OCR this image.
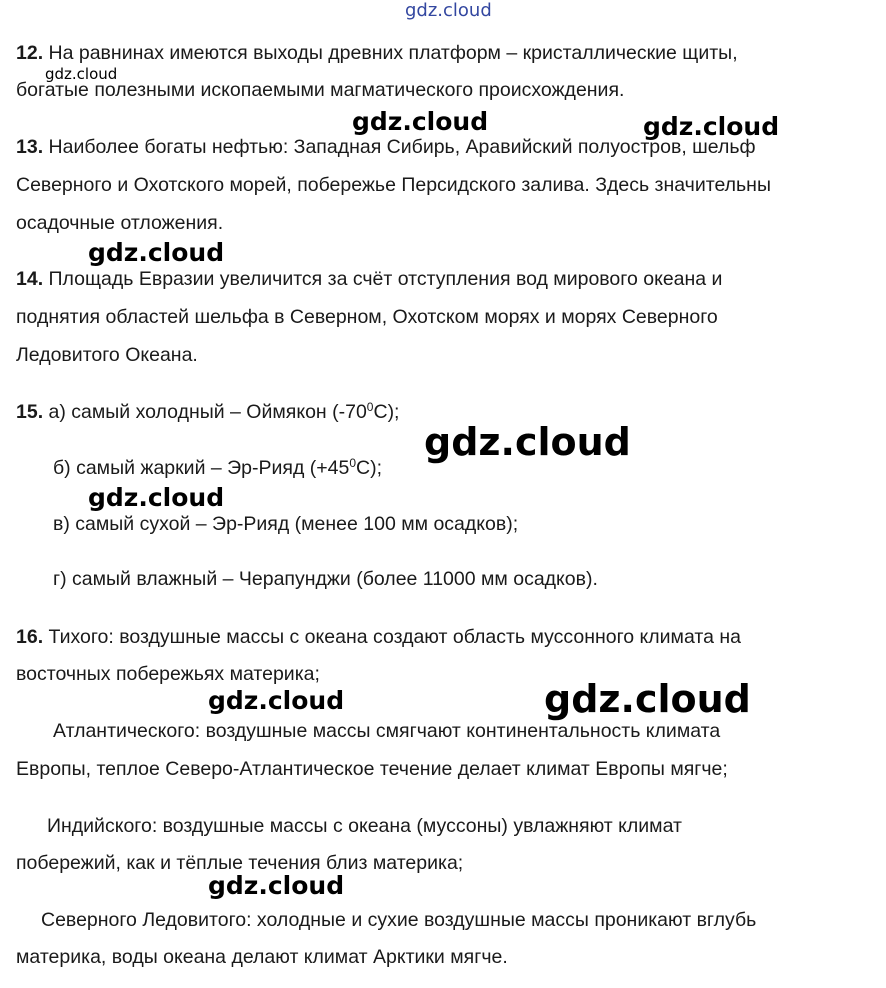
12. На равнинах имеются выходы древних платформ – кристаллические щиты,
богатые полезными ископаемыми магматического происхождения.
13. Наиболее богаты нефтью: Западная Сибирь, Аравийский полуостров, шельф
Северного и Охотского морей, побережье Персидского залива. Здесь значительны
осадочные отложения.
14. Площадь Евразии увеличится за счёт отступления вод мирового океана и
поднятия областей шельфа в Северном, Охотском морях и морях Северного
Ледовитого Океана.
15. а) самый холодный – Оймякон $(-70^0С)$;
б) самый жаркий – Эр-Рияд $(+45^0С)$;
в) самый сухой – Эр-Рияд (менее 100 мм осадков);
г) самый влажный – Черапунджи (более 11000 мм осадков).
16. Тихого: воздушные массы с океана создают область муссонного климата на
восточных побережьях материка;
Атлантического: воздушные массы смягчают континентальность климата
Европы, теплое Северо-Атлантическое течение делает климат Европы мягче;
Индийского: воздушные массы с океана (муссоны) увлажняют климат
побережий, как и тёплые течения близ материка;
Северного Ледовитого: холодные и сухие воздушные массы проникают вглубь
материка, воды океана делают климат Арктики мягче.
gdz.cloud
gdz.cloud
gdz.cloud	gdz.cloud
gdz.cloud
gdz.cloud
gdz.cloud
gdz.cloud	gdz.cloud
gdz.cloud
